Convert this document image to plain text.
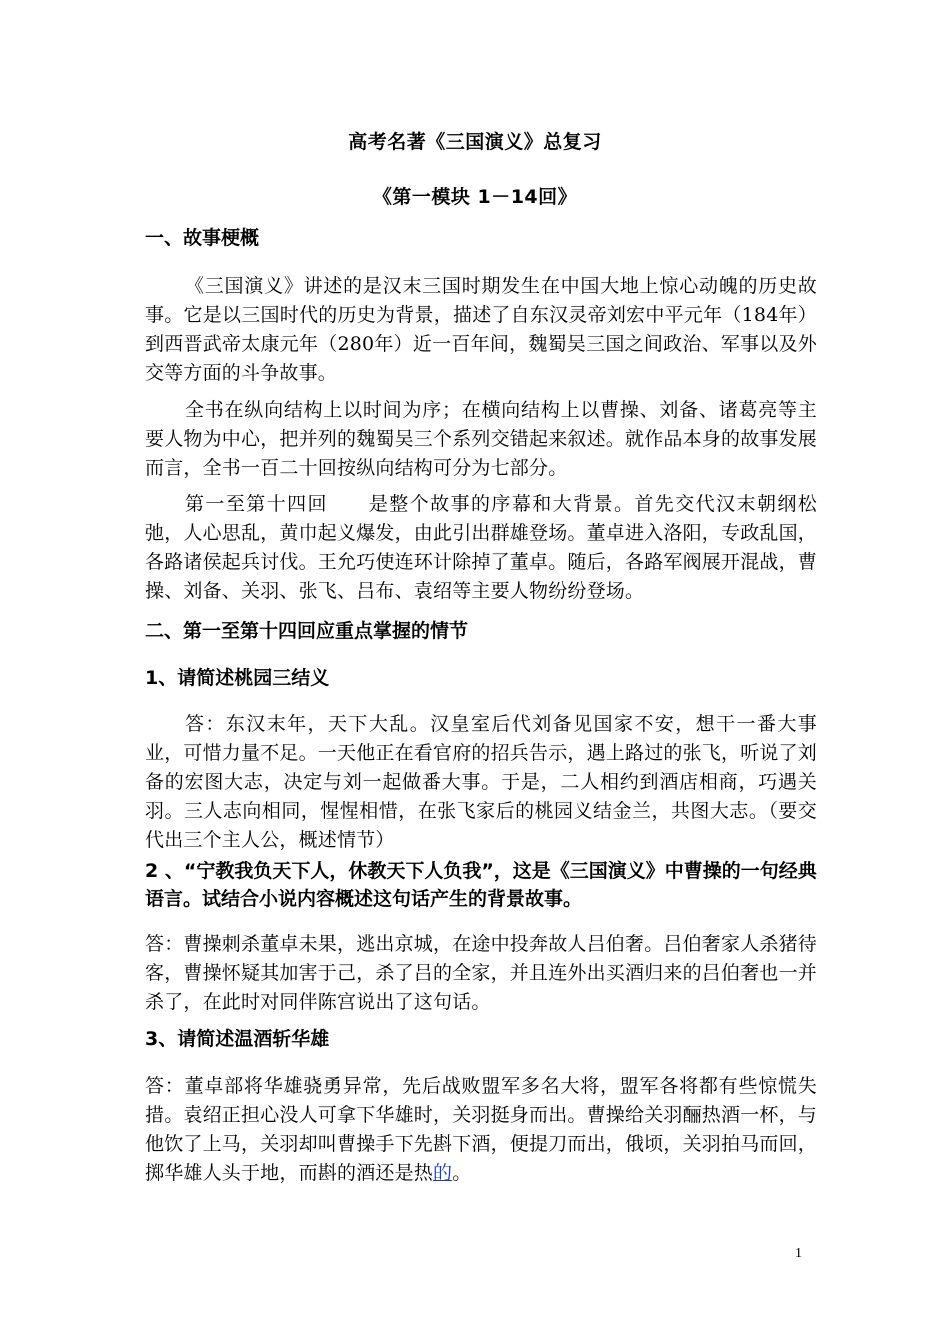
高考名著《三国演义》总复习
《第一模块 1－14回》
一、故事梗概
《三国演义》讲述的是汉末三国时期发生在中国大地上惊心动魄的历史故事。它是以三国时代的历史为背景，描述了自东汉灵帝刘宏中平元年（184年）到西晋武帝太康元年（280年）近一百年间，魏蜀吴三国之间政治、军事以及外交等方面的斗争故事。
全书在纵向结构上以时间为序；在横向结构上以曹操、刘备、诸葛亮等主要人物为中心，把并列的魏蜀吴三个系列交错起来叙述。就作品本身的故事发展而言，全书一百二十回按纵向结构可分为七部分。
第一至第十四回　　是整个故事的序幕和大背景。首先交代汉末朝纲松弛，人心思乱，黄巾起义爆发，由此引出群雄登场。董卓进入洛阳，专政乱国，各路诸侯起兵讨伐。王允巧使连环计除掉了董卓。随后，各路军阀展开混战，曹操、刘备、关羽、张飞、吕布、袁绍等主要人物纷纷登场。
二、第一至第十四回应重点掌握的情节
1、请简述桃园三结义
答：东汉末年，天下大乱。汉皇室后代刘备见国家不安，想干一番大事业，可惜力量不足。一天他正在看官府的招兵告示，遇上路过的张飞，听说了刘备的宏图大志，决定与刘一起做番大事。于是，二人相约到酒店相商，巧遇关羽。三人志向相同，惺惺相惜，在张飞家后的桃园义结金兰，共图大志。（要交代出三个主人公，概述情节）
2 、“宁教我负天下人，休教天下人负我”，这是《三国演义》中曹操的一句经典语言。试结合小说内容概述这句话产生的背景故事。
答：曹操刺杀董卓未果，逃出京城，在途中投奔故人吕伯奢。吕伯奢家人杀猪待客，曹操怀疑其加害于己，杀了吕的全家，并且连外出买酒归来的吕伯奢也一并杀了，在此时对同伴陈宫说出了这句话。
3、请简述温酒斩华雄
答：董卓部将华雄骁勇异常，先后战败盟军多名大将，盟军各将都有些惊慌失措。袁绍正担心没人可拿下华雄时，关羽挺身而出。曹操给关羽酾热酒一杯，与他饮了上马，关羽却叫曹操手下先斟下酒，便提刀而出，俄顷，关羽拍马而回，掷华雄人头于地，而斟的酒还是热的。
1
